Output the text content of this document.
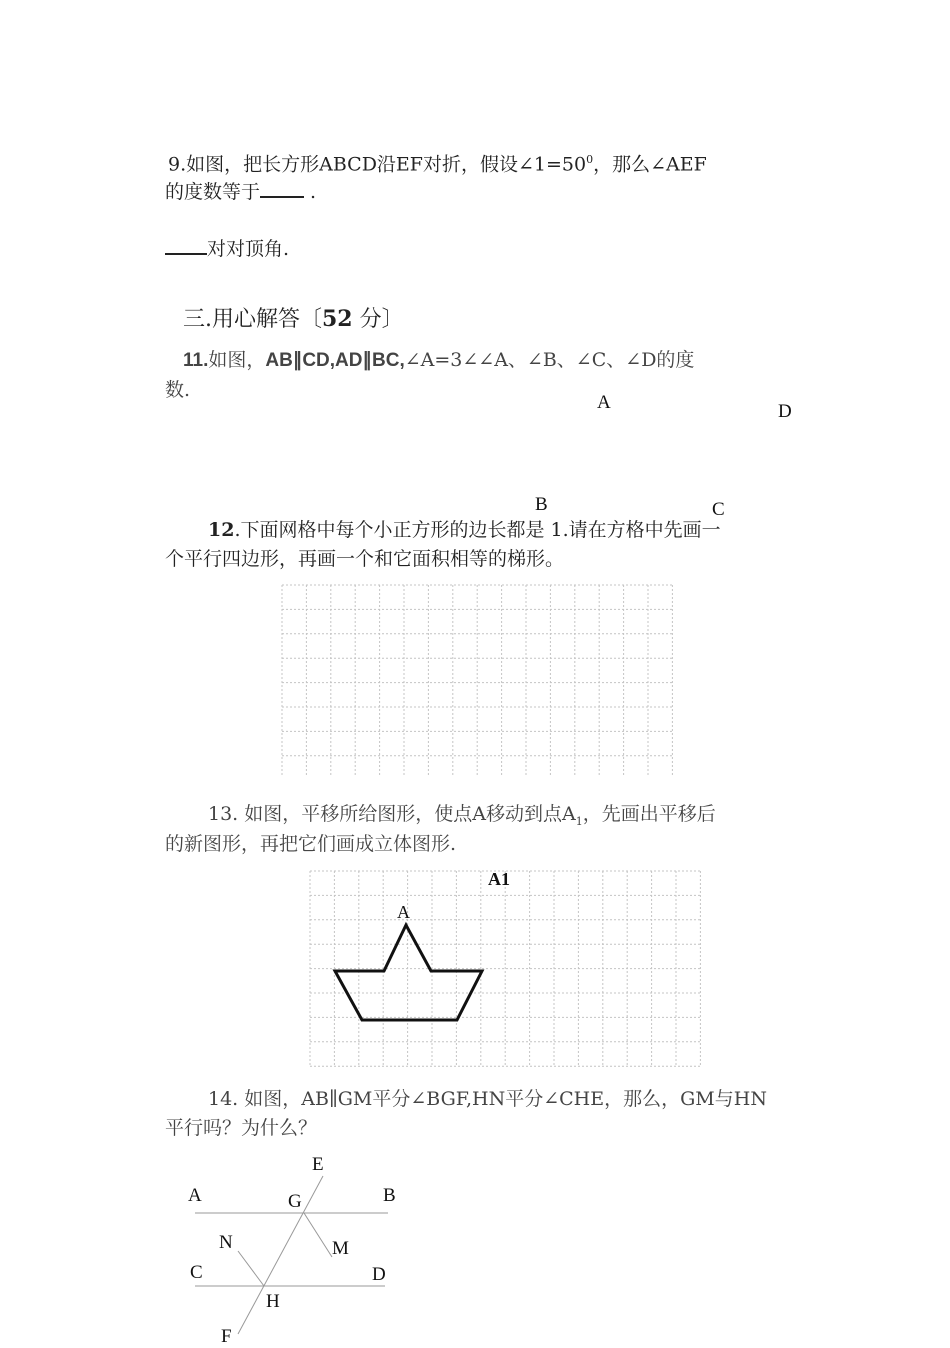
9.如图，把长方形ABCD沿EF对折，假设$\angle 1=50^0$，那么∠AEF
的度数等于 .
对对顶角.
三.用心解答〔52 分〕
11.如图，AB∥CD,AD∥BC,∠A=3∠∠A、∠B、∠C、∠D的度
数.
A	D
B	C
12.下面网格中每个小正方形的边长都是 1.请在方格中先画一
个平行四边形，再画一个和它面积相等的梯形。
13. 如图，平移所给图形，使点A移动到点$A_1$，先画出平移后
的新图形，再把它们画成立体图形.
A1
A
14. 如图，AB∥GM平分∠BGF,HN平分∠CHE，那么，GM与HN
平行吗？为什么？
E
A	G	B
N	M
C	D
H
F
